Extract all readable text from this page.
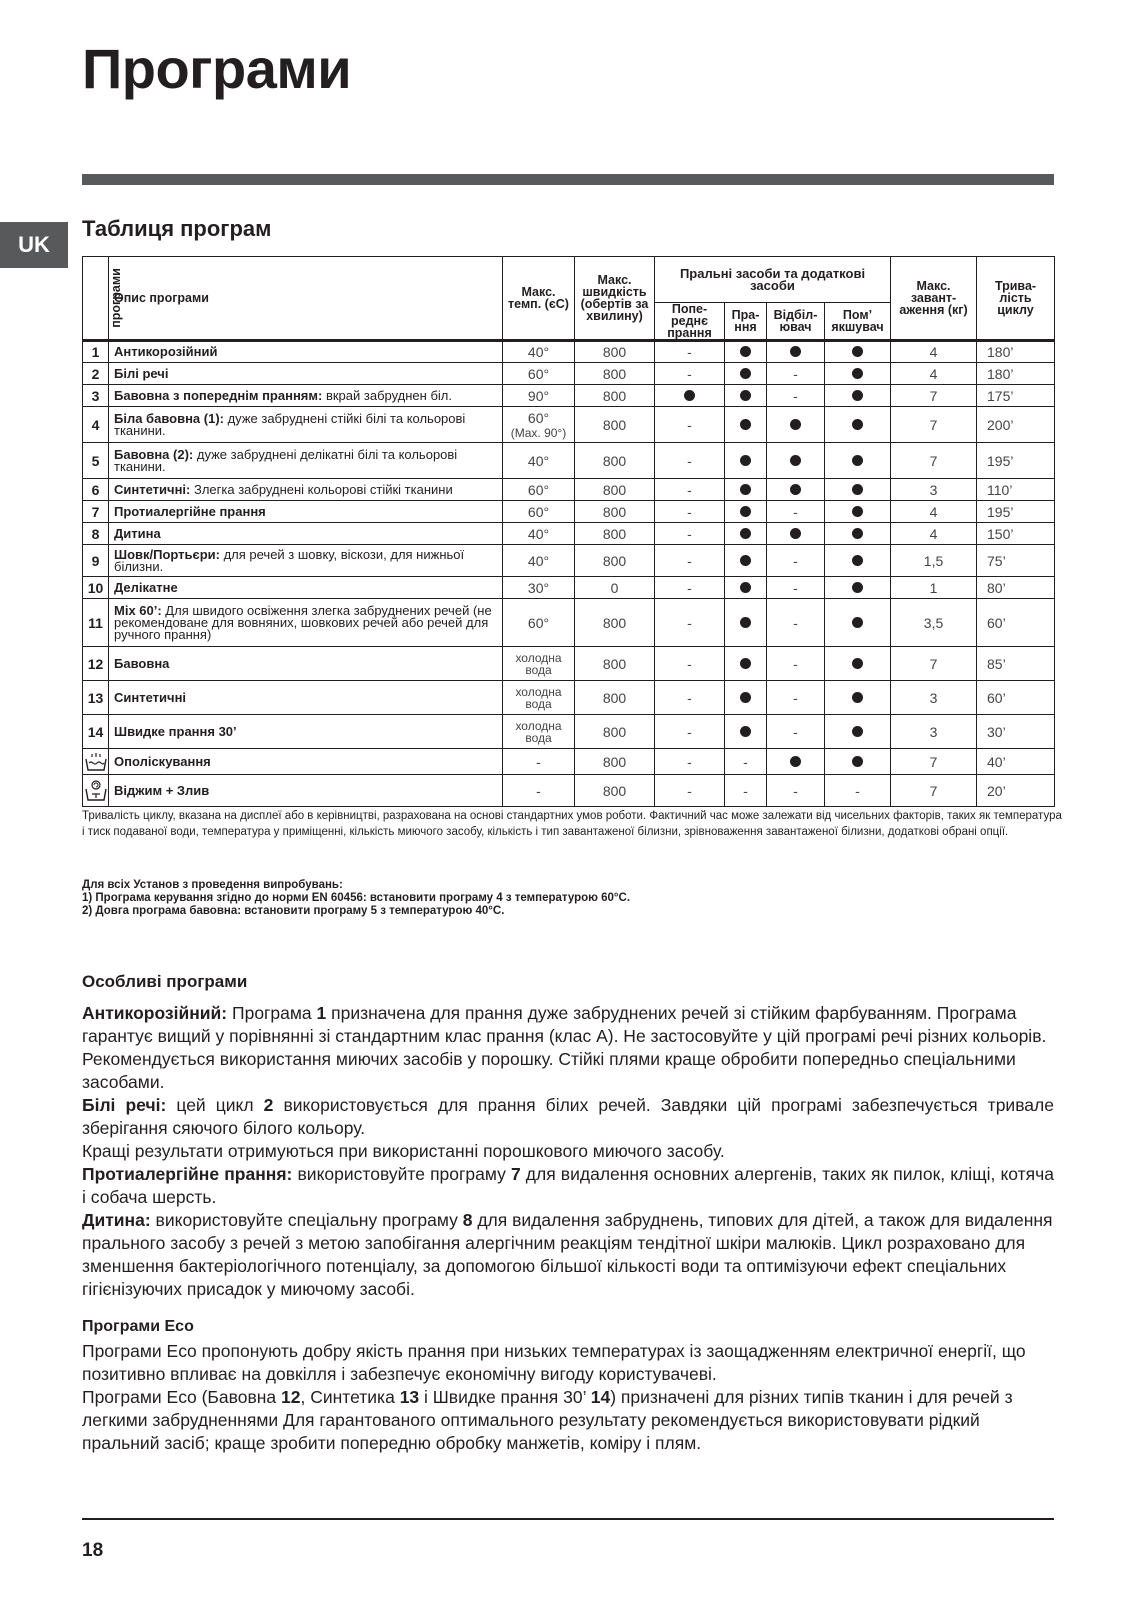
Програми
UK
Таблиця програм
програми	Опис програми	Макс. темп. (єС)	Макс. швидкість (обертів за хвилину)	Пральні засоби та додаткові засоби				Макс. завант- аження (кг)	Трива- лість циклу
				Попе- реднє прання	Пра- ння	Відбіл- ювач	Пом’ якшувач		
1	Антикорозійний	40°	800	-				4	180’
2	Білі речі	60°	800	-		-		4	180’
3	Бавовна з попереднім пранням: вкрай забруднен біл.	90°	800			-		7	175’
4	Біла бавовна (1): дуже забруднені стійкі білі та кольорові тканини.	60°
(Max. 90°)	800	-				7	200’
5	Бавовна (2): дуже забруднені делікатні білі та кольорові тканини.	40°	800	-				7	195’
6	Синтетичні: Злегка забруднені кольорові стійкі тканини	60°	800	-				3	110’
7	Протиалергійне прання	60°	800	-		-		4	195’
8	Дитина	40°	800	-				4	150’
9	Шовк/Портьєри: для речей з шовку, віскози, для нижньої білизни.	40°	800	-		-		1,5	75’
10	Делікатне	30°	0	-		-		1	80’
11	Mix 60’: Для швидого освіження злегка забруднених речей (не рекомендоване для вовняних, шовкових речей або речей для ручного прання)	60°	800	-		-		3,5	60’
12	Бавовна	холодна вода	800	-		-		7	85’
13	Синтетичні	холодна вода	800	-		-		3	60’
14	Швидке прання 30’	холодна вода	800	-		-		3	30’

	Ополіскування	-	800	-	-			7	40’

	Віджим + Злив	-	800	-	-	-	-	7	20’
Тривалість циклу, вказана на дисплеї або в керівництві, разрахована на основі стандартних умов роботи. Фактичний час може залежати від чисельних факторів, таких як температура і тиск подаваної води, температура у приміщенні, кількість миючого засобу, кількість і тип завантаженої білизни, зрівноваження завантаженої білизни, додаткові обрані опції.
Для всіх Установ з проведення випробувань:
1) Програма керування згідно до норми EN 60456: встановити програму 4 з температурою 60°С.
2) Довга програма бавовна: встановити програму 5 з температурою 40°С.
Особливі програми

Антикорозійний: Програма 1 призначена для прання дуже забруднених речей зі стійким фарбуванням. Програма гарантує вищий у порівнянні зі стандартним клас прання (клас А). Не застосовуйте у цій програмі речі різних кольорів. Рекомендується використання миючих засобів у порошку. Стійкі плями краще обробити попередньо спеціальними засобами.

Білі речі: цей цикл 2 використовується для прання білих речей. Завдяки цій програмі забезпечується тривале зберігання сяючого білого кольору.

Кращі результати отримуються при використанні порошкового миючого засобу.

Протиалергійне прання: використовуйте програму 7 для видалення основних алергенів, таких як пилок, кліщі, котяча і собача шерсть.

Дитина: використовуйте спеціальну програму 8 для видалення забруднень, типових для дітей, а також для видалення прального засобу з речей з метою запобігання алергічним реакціям тендітної шкіри малюків. Цикл розраховано для зменшення бактеріологічного потенціалу, за допомогою більшої кількості води та оптимізуючи ефект спеціальних гігієнізуючих присадок у миючому засобі.

Програми Eco

Програми Eco пропонують добру якість прання при низьких температурах із заощадженням електричної енергії, що позитивно впливає на довкілля і забезпечує економічну вигоду користувачеві.

Програми Eco (Бавовна 12, Синтетика 13 і Швидке прання 30’ 14) призначені для різних типів тканин і для речей з легкими забрудненнями Для гарантованого оптимального результату рекомендується використовувати рідкий пральний засіб; краще зробити попередню обробку манжетів, коміру і плям.

18
